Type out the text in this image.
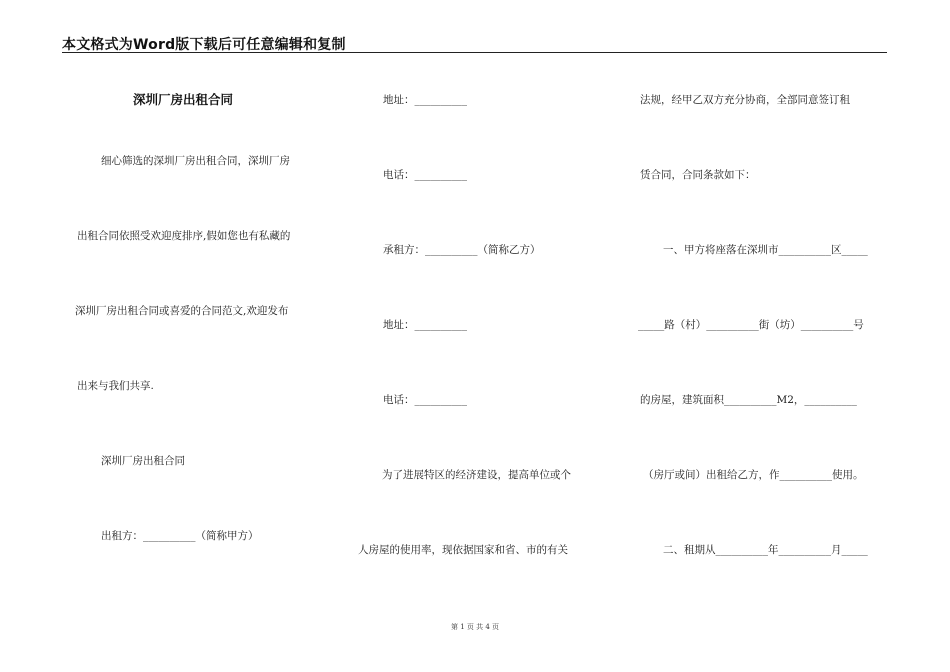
本文格式为Word版下载后可任意编辑和复制
深圳厂房出租合同
细心筛选的深圳厂房出租合同，深圳厂房
出租合同依照受欢迎度排序,假如您也有私藏的
深圳厂房出租合同或喜爱的合同范文,欢迎发布
出来与我们共享.
深圳厂房出租合同
出租方：__________（简称甲方）
地址：__________
电话：__________
承租方：__________（简称乙方）
地址：__________
电话：__________
为了进展特区的经济建设，提高单位或个
人房屋的使用率，现依据国家和省、市的有关
法规，经甲乙双方充分协商，全部同意签订租
赁合同，合同条款如下：
一、甲方将座落在深圳市__________区_____
_____路（村）__________街（坊）__________号
的房屋，建筑面积__________M2，__________
（房厅或间）出租给乙方，作__________使用。
二、租期从__________年__________月_____
第 1 页 共 4 页
